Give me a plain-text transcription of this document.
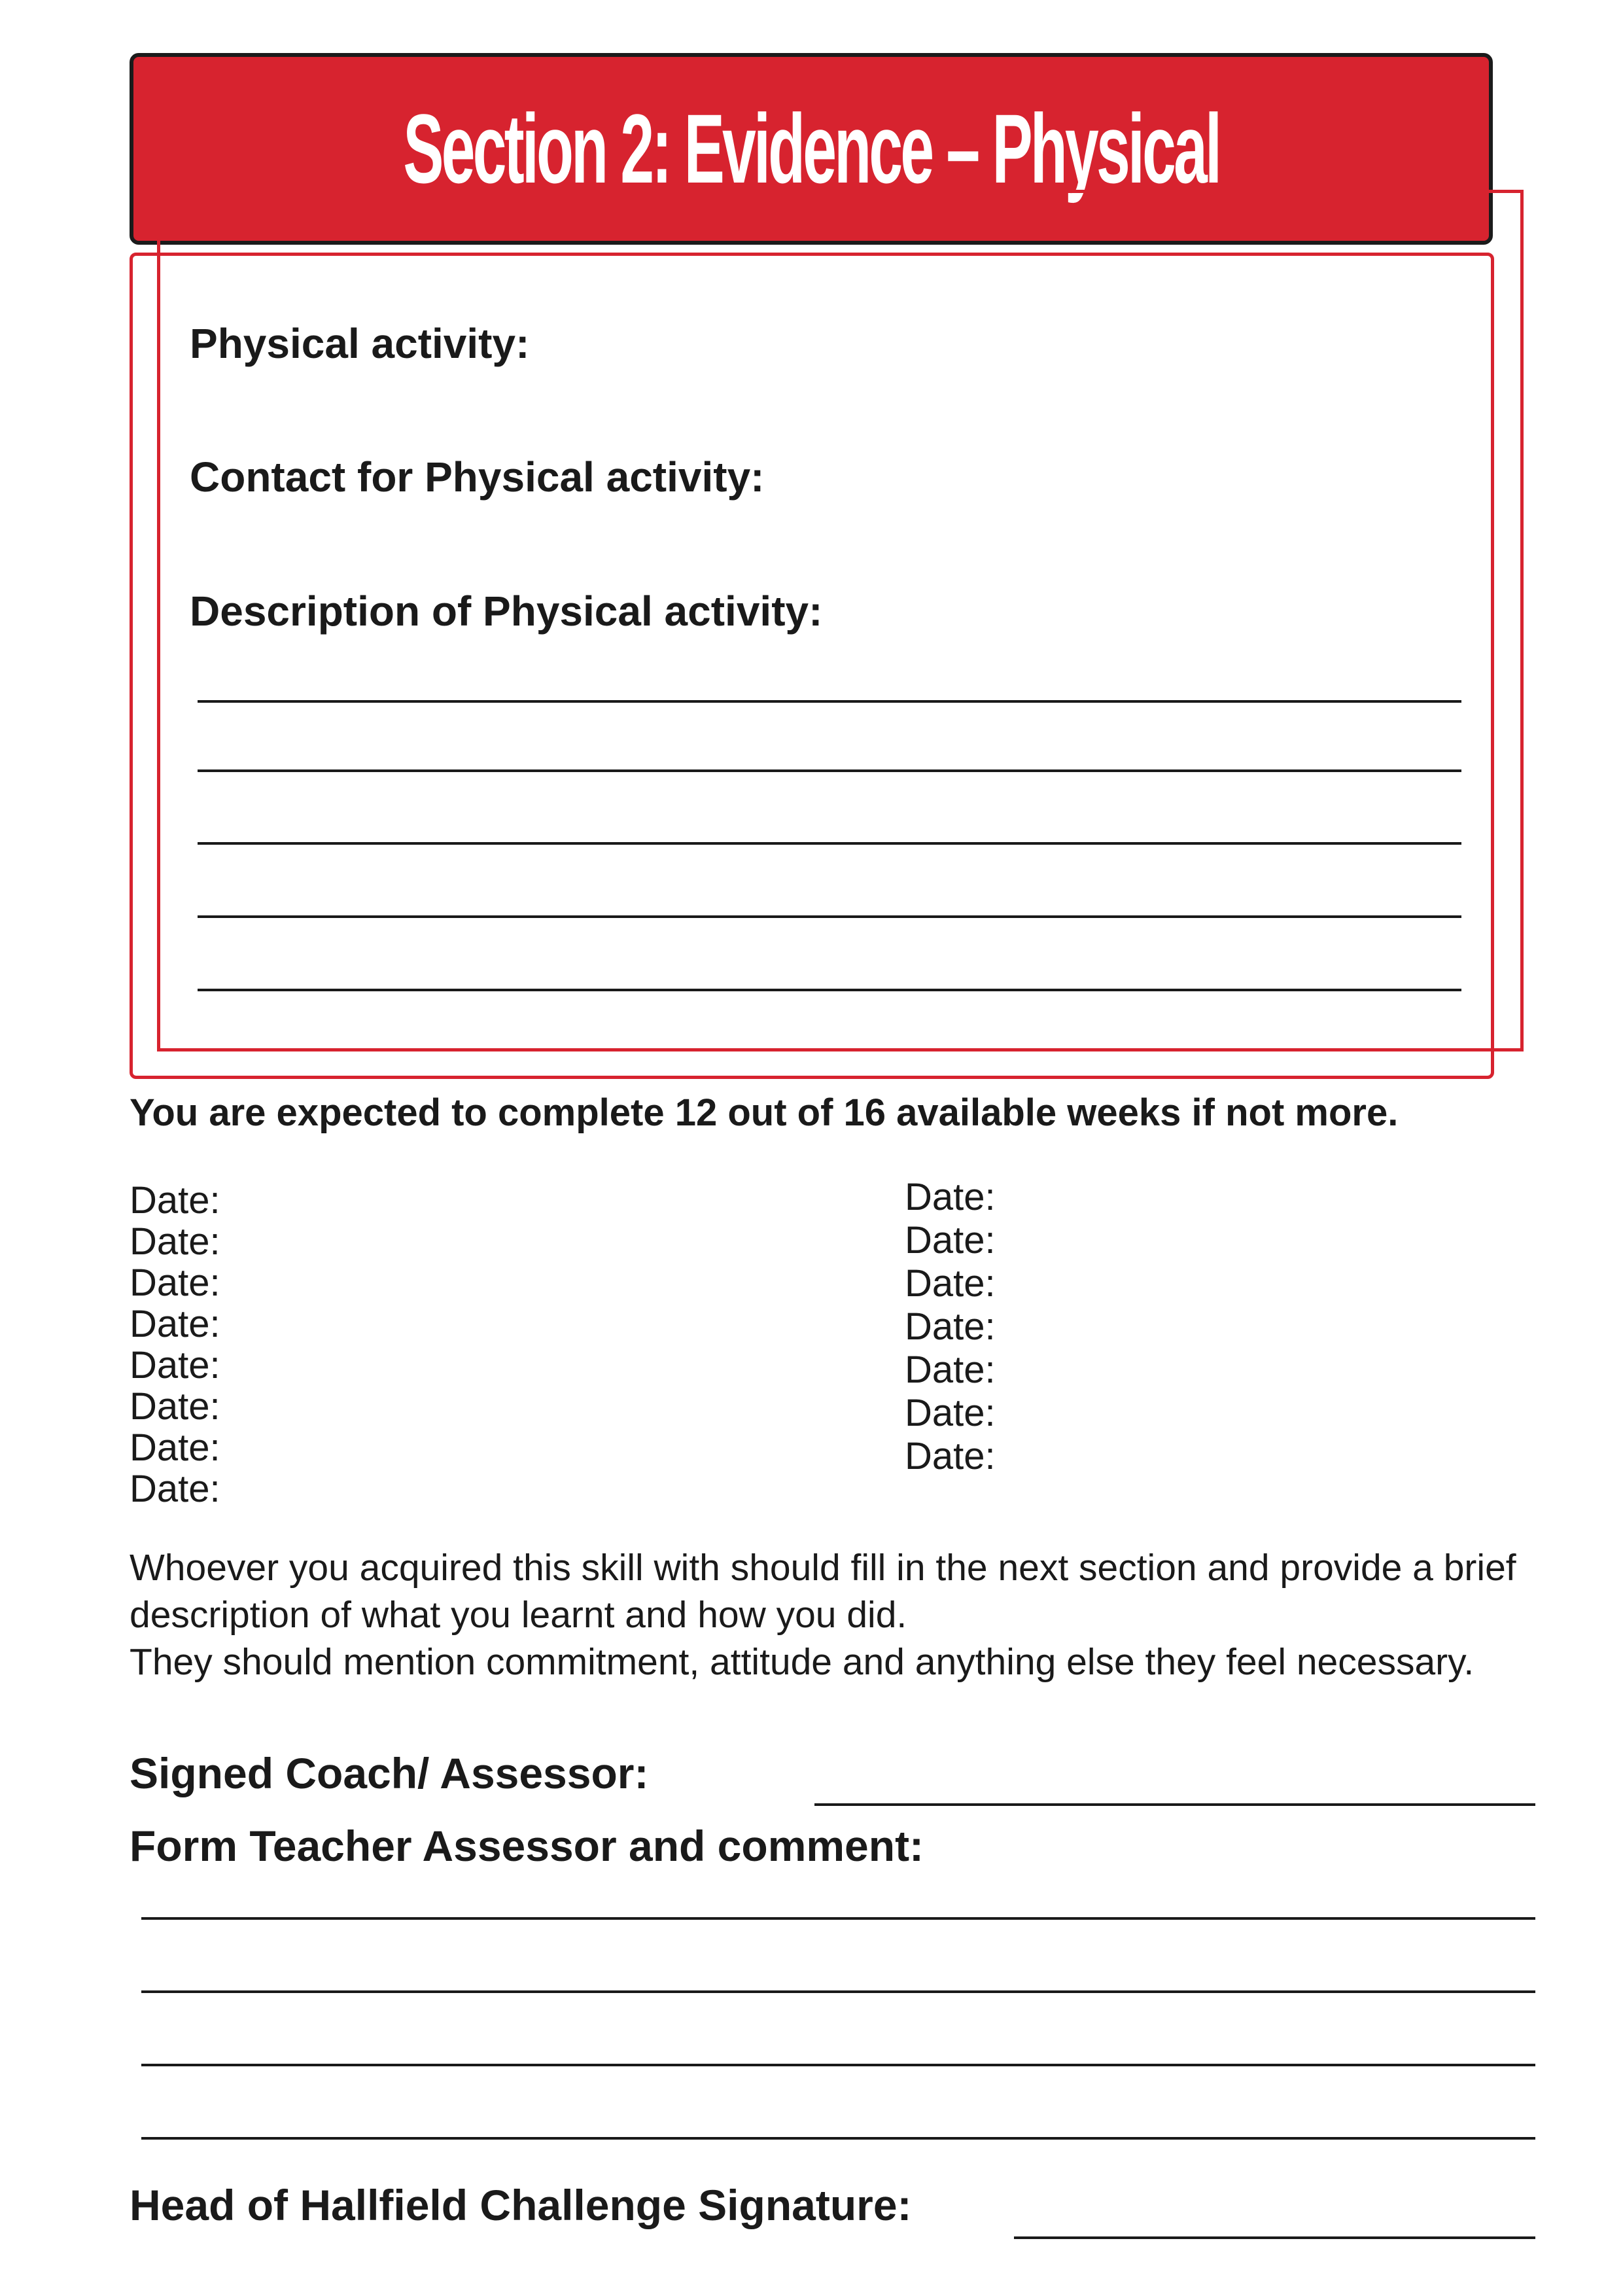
Section 2: Evidence – Physical
Physical activity:
Contact for Physical activity:
Description of Physical activity:
You are expected to complete 12 out of 16 available weeks if not more.
Date:
Date:
Date:
Date:
Date:
Date:
Date:
Date:
Date:
Date:
Date:
Date:
Date:
Date:
Date:

Whoever you acquired this skill with should fill in the next section and provide a brief description of what you learnt and how you did.

They should mention commitment, attitude and anything else they feel necessary.

Signed Coach/ Assessor:
Form Teacher Assessor and comment:
Head of Hallfield Challenge Signature:
